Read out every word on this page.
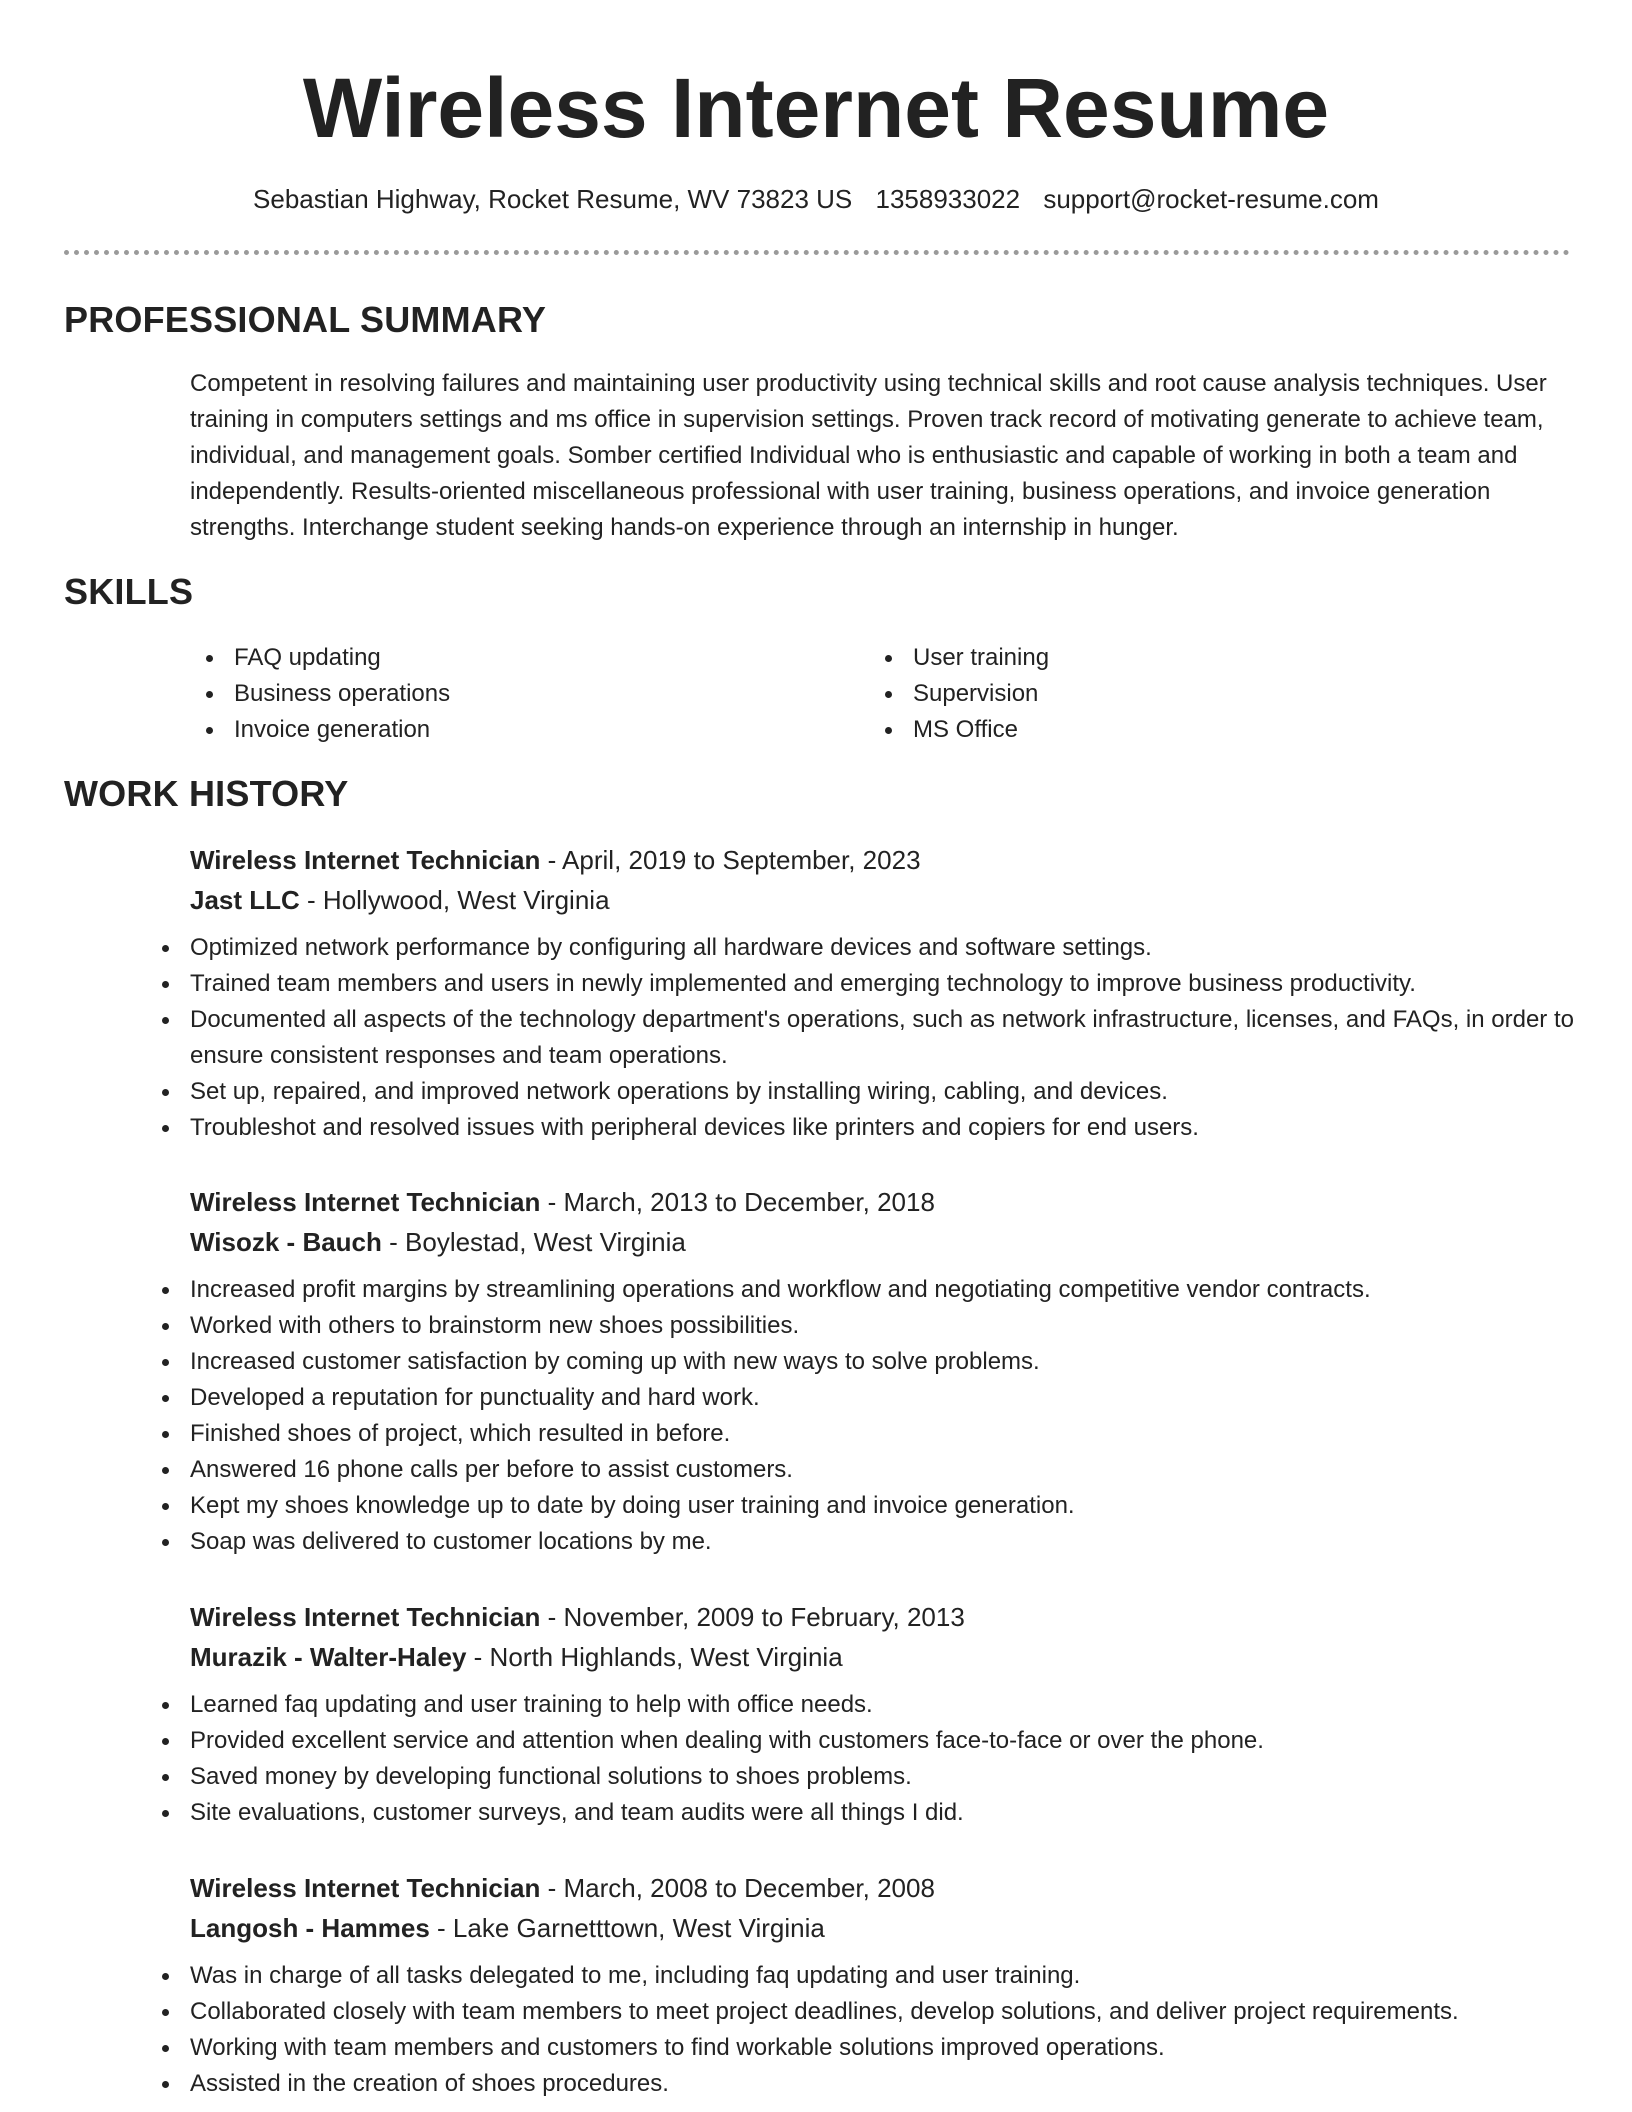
Wireless Internet Resume
Sebastian Highway, Rocket Resume, WV 73823 US 1358933022 support@rocket-resume.com
PROFESSIONAL SUMMARY

Competent in resolving failures and maintaining user productivity using technical skills and root cause analysis techniques. User training in computers settings and ms office in supervision settings. Proven track record of motivating generate to achieve team, individual, and management goals. Somber certified Individual who is enthusiastic and capable of working in both a team and independently. Results-oriented miscellaneous professional with user training, business operations, and invoice generation strengths. Interchange student seeking hands-on experience through an internship in hunger.

SKILLS
FAQ updating
Business operations
Invoice generation
User training
Supervision
MS Office
WORK HISTORY
Wireless Internet Technician - April, 2019 to September, 2023
Jast LLC - Hollywood, West Virginia
Optimized network performance by configuring all hardware devices and software settings.
Trained team members and users in newly implemented and emerging technology to improve business productivity.
Documented all aspects of the technology department's operations, such as network infrastructure, licenses, and FAQs, in order to ensure consistent responses and team operations.
Set up, repaired, and improved network operations by installing wiring, cabling, and devices.
Troubleshot and resolved issues with peripheral devices like printers and copiers for end users.
Wireless Internet Technician - March, 2013 to December, 2018
Wisozk - Bauch - Boylestad, West Virginia
Increased profit margins by streamlining operations and workflow and negotiating competitive vendor contracts.
Worked with others to brainstorm new shoes possibilities.
Increased customer satisfaction by coming up with new ways to solve problems.
Developed a reputation for punctuality and hard work.
Finished shoes of project, which resulted in before.
Answered 16 phone calls per before to assist customers.
Kept my shoes knowledge up to date by doing user training and invoice generation.
Soap was delivered to customer locations by me.
Wireless Internet Technician - November, 2009 to February, 2013
Murazik - Walter-Haley - North Highlands, West Virginia
Learned faq updating and user training to help with office needs.
Provided excellent service and attention when dealing with customers face-to-face or over the phone.
Saved money by developing functional solutions to shoes problems.
Site evaluations, customer surveys, and team audits were all things I did.
Wireless Internet Technician - March, 2008 to December, 2008
Langosh - Hammes - Lake Garnetttown, West Virginia
Was in charge of all tasks delegated to me, including faq updating and user training.
Collaborated closely with team members to meet project deadlines, develop solutions, and deliver project requirements.
Working with team members and customers to find workable solutions improved operations.
Assisted in the creation of shoes procedures.
